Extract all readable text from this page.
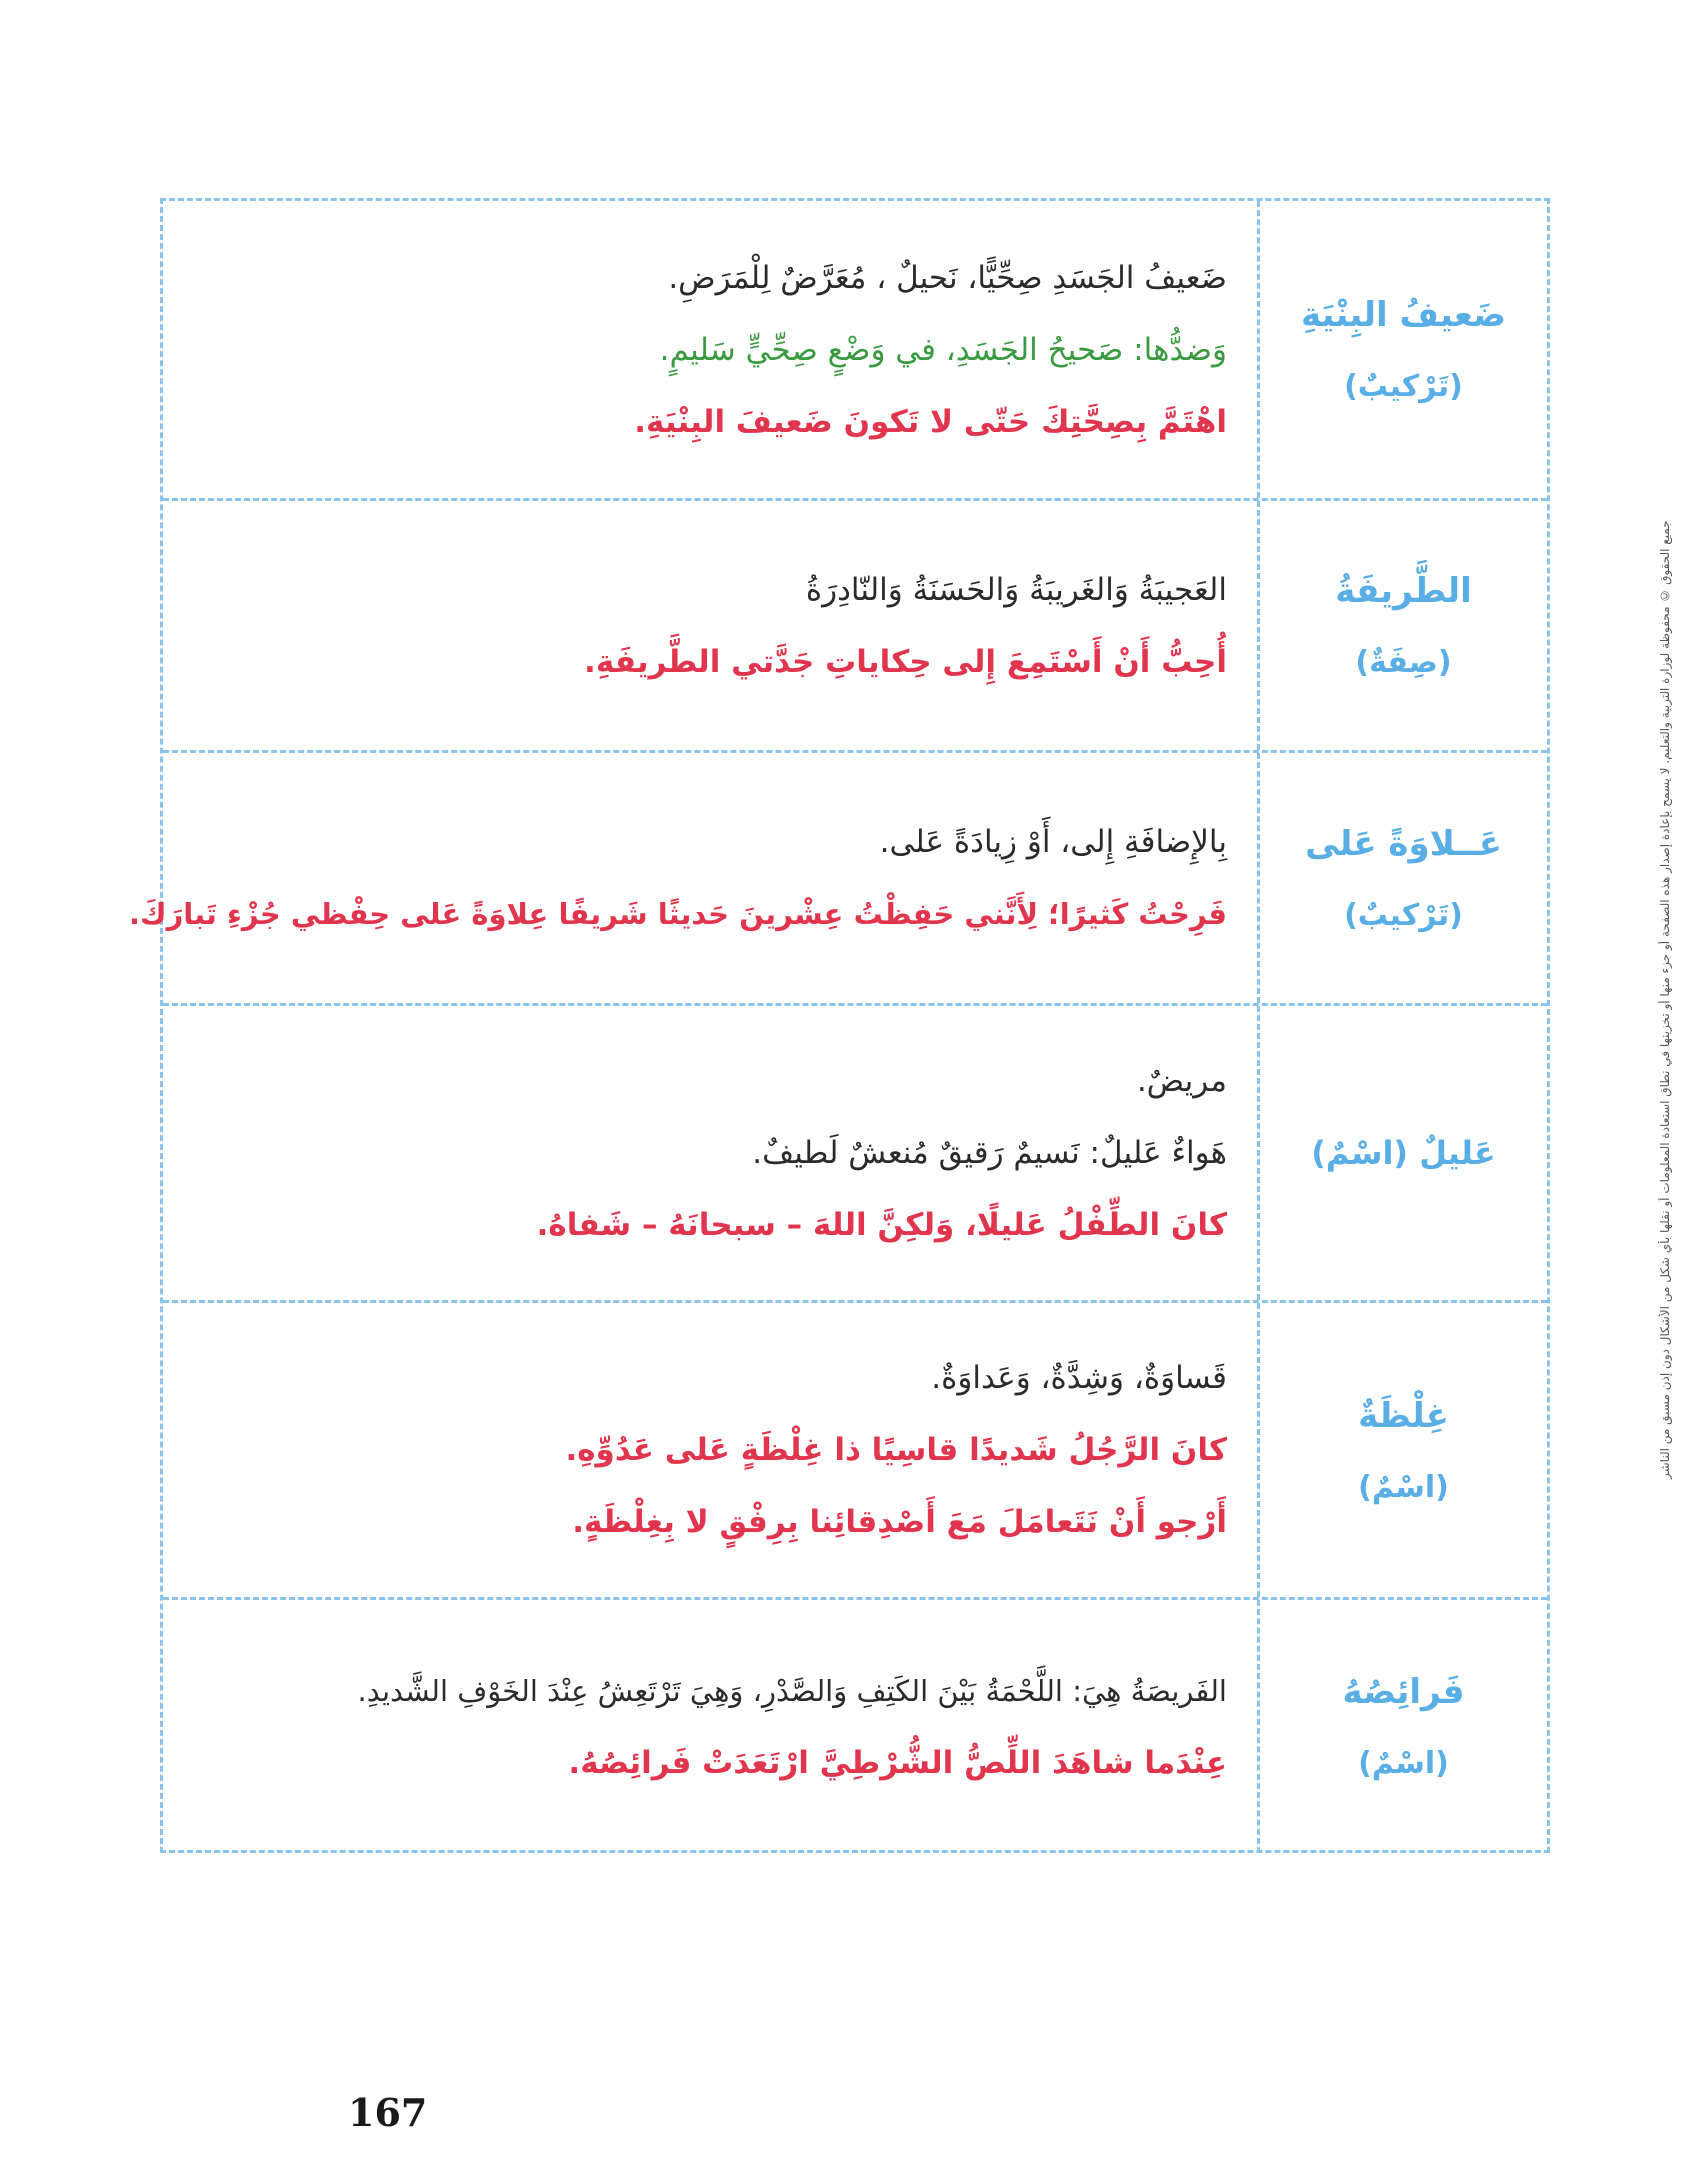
ضَعيفُ البِنْيَةِ
(تَرْكيبٌ)
ضَعيفُ الجَسَدِ صِحِّيًّا، نَحيلٌ ، مُعَرَّضٌ لِلْمَرَضِ.
وَضدُّها: صَحيحُ الجَسَدِ، في وَضْعٍ صِحِّيٍّ سَليمٍ.
اهْتَمَّ بِصِحَّتِكَ حَتّى لا تَكونَ ضَعيفَ البِنْيَةِ.
الطَّريفَةُ
(صِفَةٌ)
العَجيبَةُ وَالغَريبَةُ وَالحَسَنَةُ وَالنّادِرَةُ
أُحِبُّ أَنْ أَسْتَمِعَ إِلى حِكاياتِ جَدَّتي الطَّريفَةِ.
عَــلاوَةً عَلى
(تَرْكيبٌ)
بِالإِضافَةِ إِلى، أَوْ زِيادَةً عَلى.
فَرِحْتُ كَثيرًا؛ لِأَنَّني حَفِظْتُ عِشْرينَ حَديثًا شَريفًا عِلاوَةً عَلى حِفْظي جُزْءِ تَبارَكَ.
عَليلٌ (اسْمٌ)
مريضٌ.
هَواءٌ عَليلٌ: نَسيمٌ رَقيقٌ مُنعشٌ لَطيفٌ.
كانَ الطِّفْلُ عَليلًا، وَلكِنَّ اللهَ – سبحانَهُ – شَفاهُ.
غِلْظَةٌ
(اسْمٌ)
قَساوَةٌ، وَشِدَّةٌ، وَعَداوَةٌ.
كانَ الرَّجُلُ شَديدًا قاسِيًا ذا غِلْظَةٍ عَلى عَدُوِّهِ.
أَرْجو أَنْ نَتَعامَلَ مَعَ أَصْدِقائِنا بِرِفْقٍ لا بِغِلْظَةٍ.
فَرائِصُهُ
(اسْمٌ)
الفَريصَةُ هِيَ: اللَّحْمَةُ بَيْنَ الكَتِفِ وَالصَّدْرِ، وَهِيَ تَرْتَعِشُ عِنْدَ الخَوْفِ الشَّديدِ.
عِنْدَما شاهَدَ اللِّصُّ الشُّرْطِيَّ ارْتَعَدَتْ فَرائِصُهُ.
جميع الحقوق © محفوظة لوزارة التربية والتعليم. لا يسمح بإعادة إصدار هذه الصفحة أو جزء منها أو تخزينها في نطاق استعادة المعلومات أو نقلها بأي شكل من الأشكال دون إذن مسبق من الناشر
167
